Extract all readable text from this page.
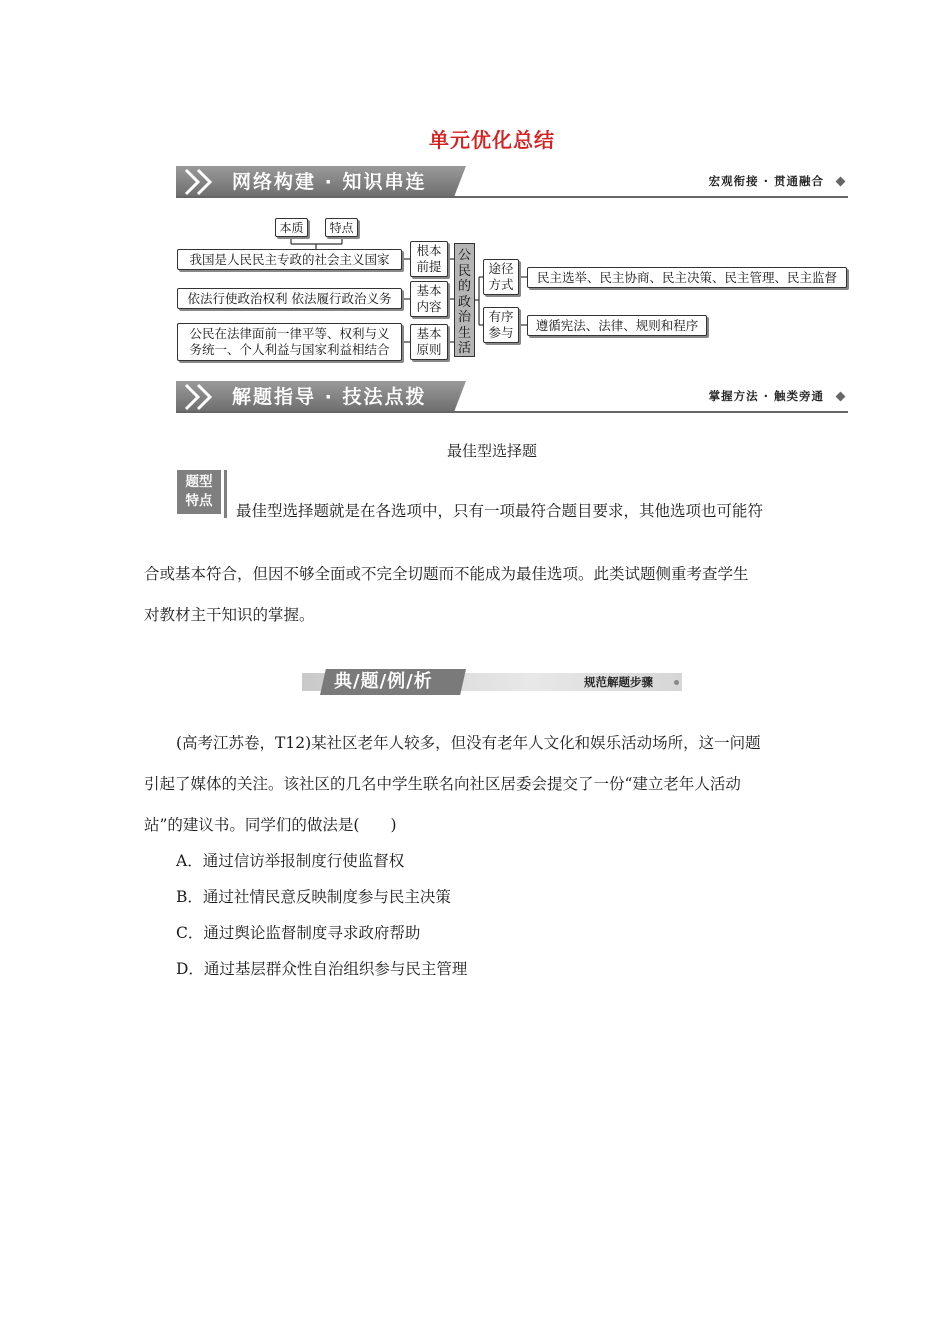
单元优化总结
网络构建 · 知识串连	宏观衔接 · 贯通融合
本质	特点
我国是人民民主专政的社会主义国家
依法行使政治权利 依法履行政治义务
公民在法律面前一律平等、权利与义
务统一、个人利益与国家利益相结合
根本
前提
基本
内容
基本
原则
公民的政治生活
途径
方式
有序
参与
民主选举、民主协商、民主决策、民主管理、民主监督
遵循宪法、法律、规则和程序
解题指导 · 技法点拨	掌握方法 · 触类旁通
最佳型选择题
题型
特点
最佳型选择题就是在各选项中，只有一项最符合题目要求，其他选项也可能符
合或基本符合，但因不够全面或不完全切题而不能成为最佳选项。此类试题侧重考查学生
对教材主干知识的掌握。
典/题/例/析	规范解题步骤
(高考江苏卷，T12)某社区老年人较多，但没有老年人文化和娱乐活动场所，这一问题
引起了媒体的关注。该社区的几名中学生联名向社区居委会提交了一份“建立老年人活动
站”的建议书。同学们的做法是(　　)
A．通过信访举报制度行使监督权
B．通过社情民意反映制度参与民主决策
C．通过舆论监督制度寻求政府帮助
D．通过基层群众性自治组织参与民主管理
